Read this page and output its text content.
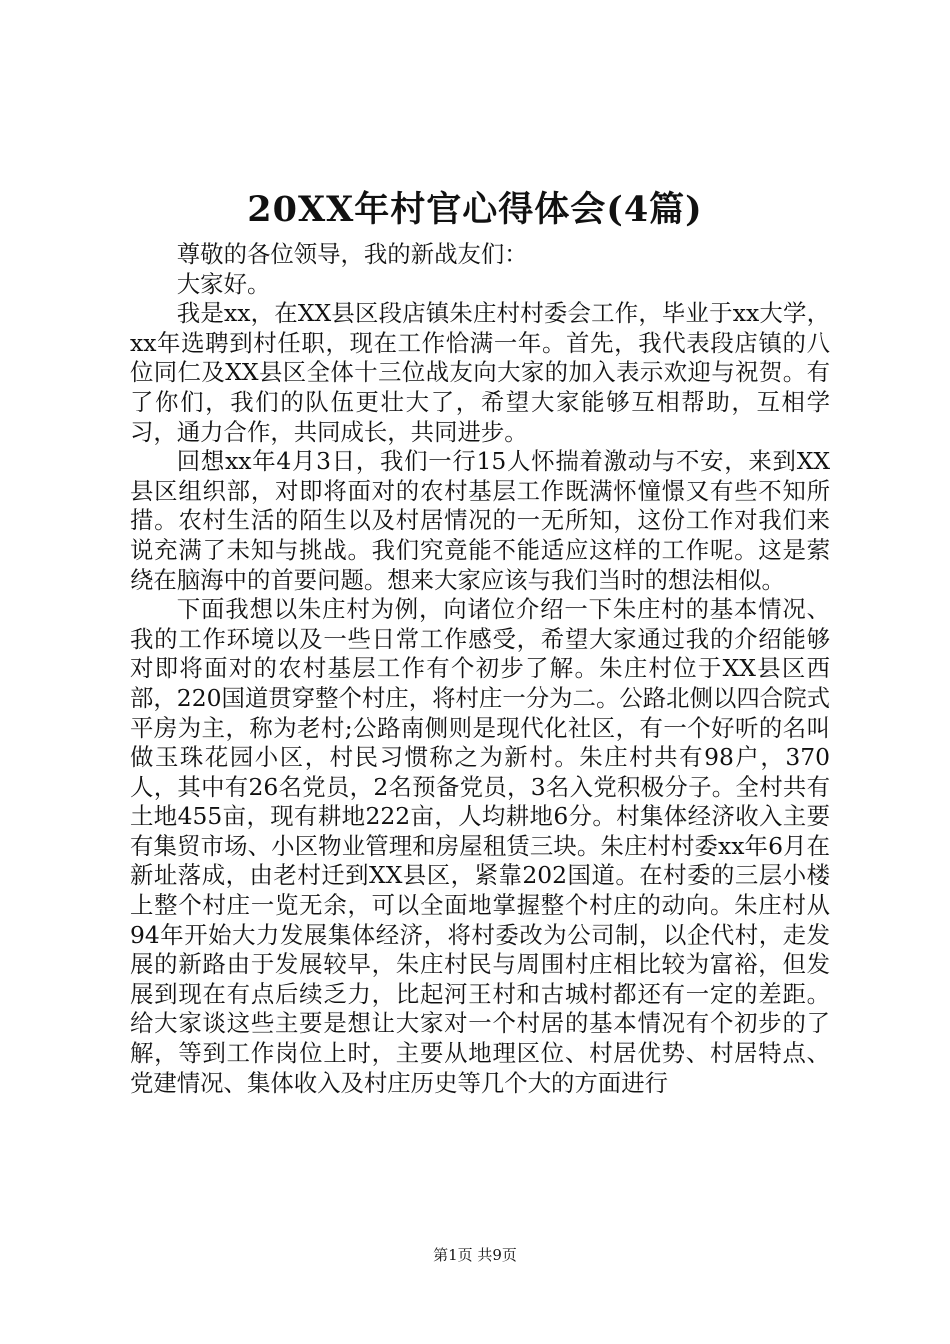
20XX年村官心得体会(4篇)

尊敬的各位领导，我的新战友们：

大家好。

我是xx，在XX县区段店镇朱庄村村委会工作，毕业于xx大学，xx年选聘到村任职，现在工作恰满一年。首先，我代表段店镇的八位同仁及XX县区全体十三位战友向大家的加入表示欢迎与祝贺。有了你们，我们的队伍更壮大了，希望大家能够互相帮助，互相学习，通力合作，共同成长，共同进步。

回想xx年4月3日，我们一行15人怀揣着激动与不安，来到XX县区组织部，对即将面对的农村基层工作既满怀憧憬又有些不知所措。农村生活的陌生以及村居情况的一无所知，这份工作对我们来说充满了未知与挑战。我们究竟能不能适应这样的工作呢。这是萦绕在脑海中的首要问题。想来大家应该与我们当时的想法相似。

下面我想以朱庄村为例，向诸位介绍一下朱庄村的基本情况、我的工作环境以及一些日常工作感受，希望大家通过我的介绍能够对即将面对的农村基层工作有个初步了解。朱庄村位于XX县区西部，220国道贯穿整个村庄，将村庄一分为二。公路北侧以四合院式平房为主，称为老村;公路南侧则是现代化社区，有一个好听的名叫做玉珠花园小区，村民习惯称之为新村。朱庄村共有98户，370人，其中有26名党员，2名预备党员，3名入党积极分子。全村共有土地455亩，现有耕地222亩，人均耕地6分。村集体经济收入主要有集贸市场、小区物业管理和房屋租赁三块。朱庄村村委xx年6月在新址落成，由老村迁到XX县区，紧靠202国道。在村委的三层小楼上整个村庄一览无余，可以全面地掌握整个村庄的动向。朱庄村从94年开始大力发展集体经济，将村委改为公司制，以企代村，走发展的新路由于发展较早，朱庄村民与周围村庄相比较为富裕，但发展到现在有点后续乏力，比起河王村和古城村都还有一定的差距。给大家谈这些主要是想让大家对一个村居的基本情况有个初步的了解，等到工作岗位上时，主要从地理区位、村居优势、村居特点、党建情况、集体收入及村庄历史等几个大的方面进行

第1页 共9页
